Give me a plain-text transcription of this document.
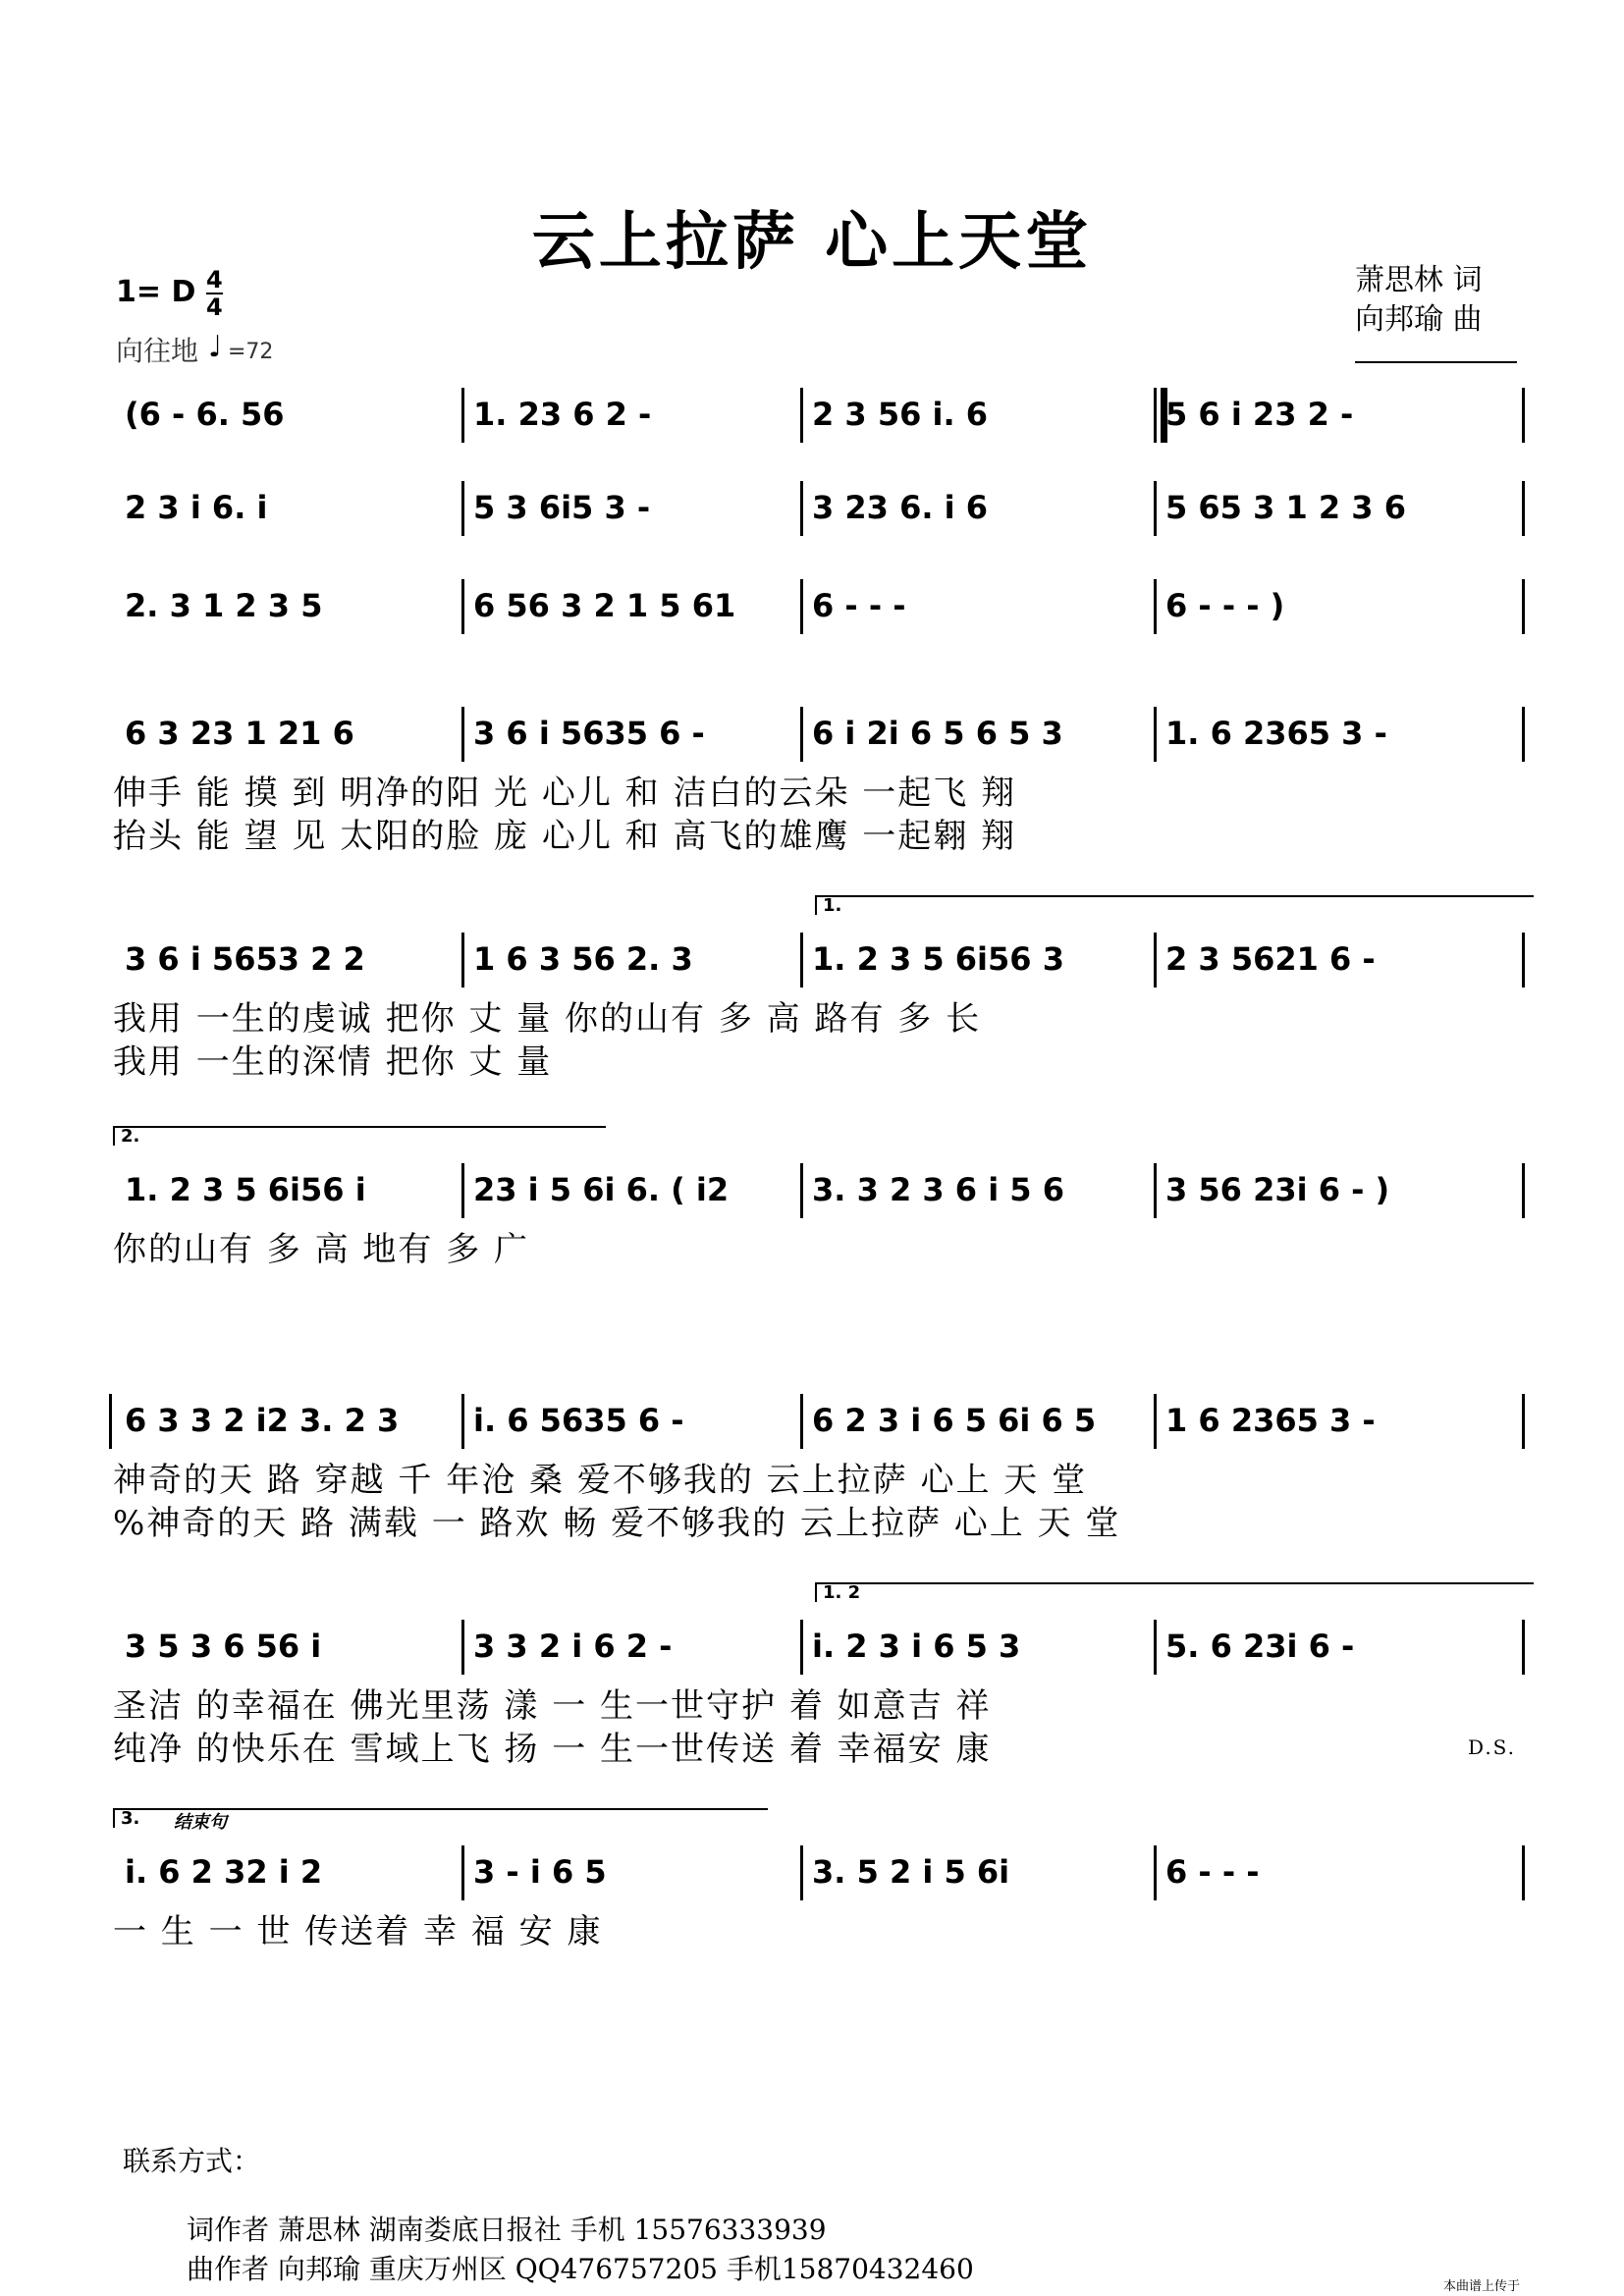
云上拉萨 心上天堂
萧思林 词
向邦瑜 曲
1= D $\frac{4}{4}$
向往地 ♩ =72
(6 - 6. 56	1. 23 6 2 -	2 3 56 i. 6	5 6 i 23 2 -
2 3 i 6. i	5 3 6i5 3 -	3 23 6. i 6	5 65 3 1 2 3 6
2. 3 1 2 3 5	6 56 3 2 1 5 61 6 - - -	6 - - - )
6 3 23 1 21 6	3 6 i 5635 6 -	6 i 2i 6 5 6 5 3	1. 6 2365 3 -
伸手 能 摸 到 明净的阳 光 心儿 和 洁白的云朵 一起飞 翔
抬头 能 望 见 太阳的脸 庞 心儿 和 高飞的雄鹰 一起翱 翔
3 6 i 5653 2 2	1 6 3 56 2. 3	1. 2 3 5 6i56 3	2 3 5621 6 -
1.
我用 一生的虔诚 把你 丈 量 你的山有 多 高 路有 多 长
我用 一生的深情 把你 丈 量
1. 2 3 5 6i56 i	23 i 5 6i 6. ( i2	3. 3 2 3 6 i 5 6	3 56 23i 6 - )
2.
你的山有 多 高 地有 多 广
6 3 3 2 i2 3. 2 3 i. 6 5635 6 -	6 2 3 i 6 5 6i 6 5 1 6 2365 3 -
神奇的天 路 穿越 千 年沧 桑 爱不够我的 云上拉萨 心上 天 堂
%神奇的天 路 满载 一 路欢 畅 爱不够我的 云上拉萨 心上 天 堂
3 5 3 6 56 i	3 3 2 i 6 2 -	i. 2 3 i 6 5 3	5. 6 23i 6 -
1. 2
圣洁 的幸福在 佛光里荡 漾 一 生一世守护 着 如意吉 祥
纯净 的快乐在 雪域上飞 扬 一 生一世传送 着 幸福安 康	D.S.
i. 6 2 32 i 2	3 - i 6 5	3. 5 2 i 5 6i	6 - - -
3. 结束句
一 生 一 世 传送着 幸 福 安 康
联系方式：
词作者 萧思林 湖南娄底日报社 手机 15576333939
曲作者 向邦瑜 重庆万州区 QQ476757205 手机15870432460
本曲谱上传于
